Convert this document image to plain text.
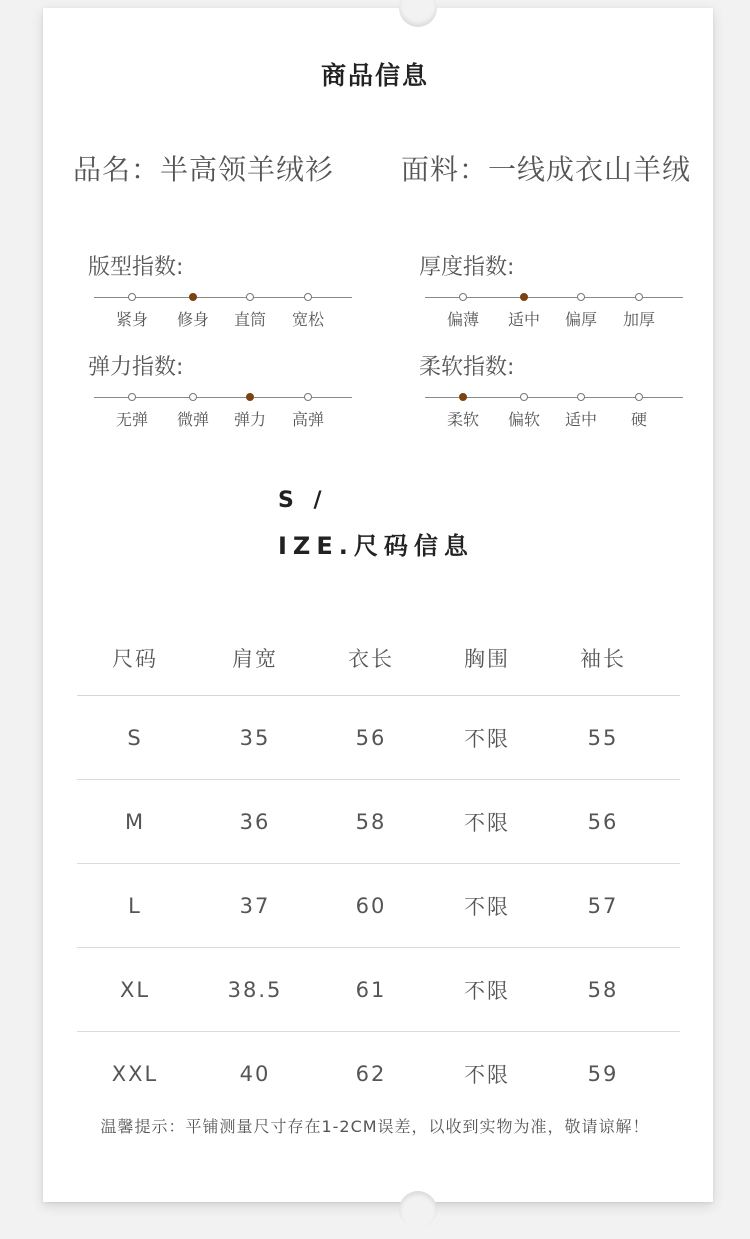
商品信息
品名：半高领羊绒衫 面料：一线成衣山羊绒
版型指数:
紧身	修身	直筒	宽松
厚度指数:
偏薄	适中	偏厚	加厚
弹力指数:
无弹	微弹	弹力	高弹
柔软指数:
柔软	偏软	适中	硬
S /
IZE.尺码信息
尺码	肩宽	衣长	胸围	袖长
S	35	56	不限	55
M	36	58	不限	56
L	37	60	不限	57
XL	38.5	61	不限	58
XXL	40	62	不限	59
温馨提示：平铺测量尺寸存在1-2CM误差，以收到实物为准，敬请谅解！
